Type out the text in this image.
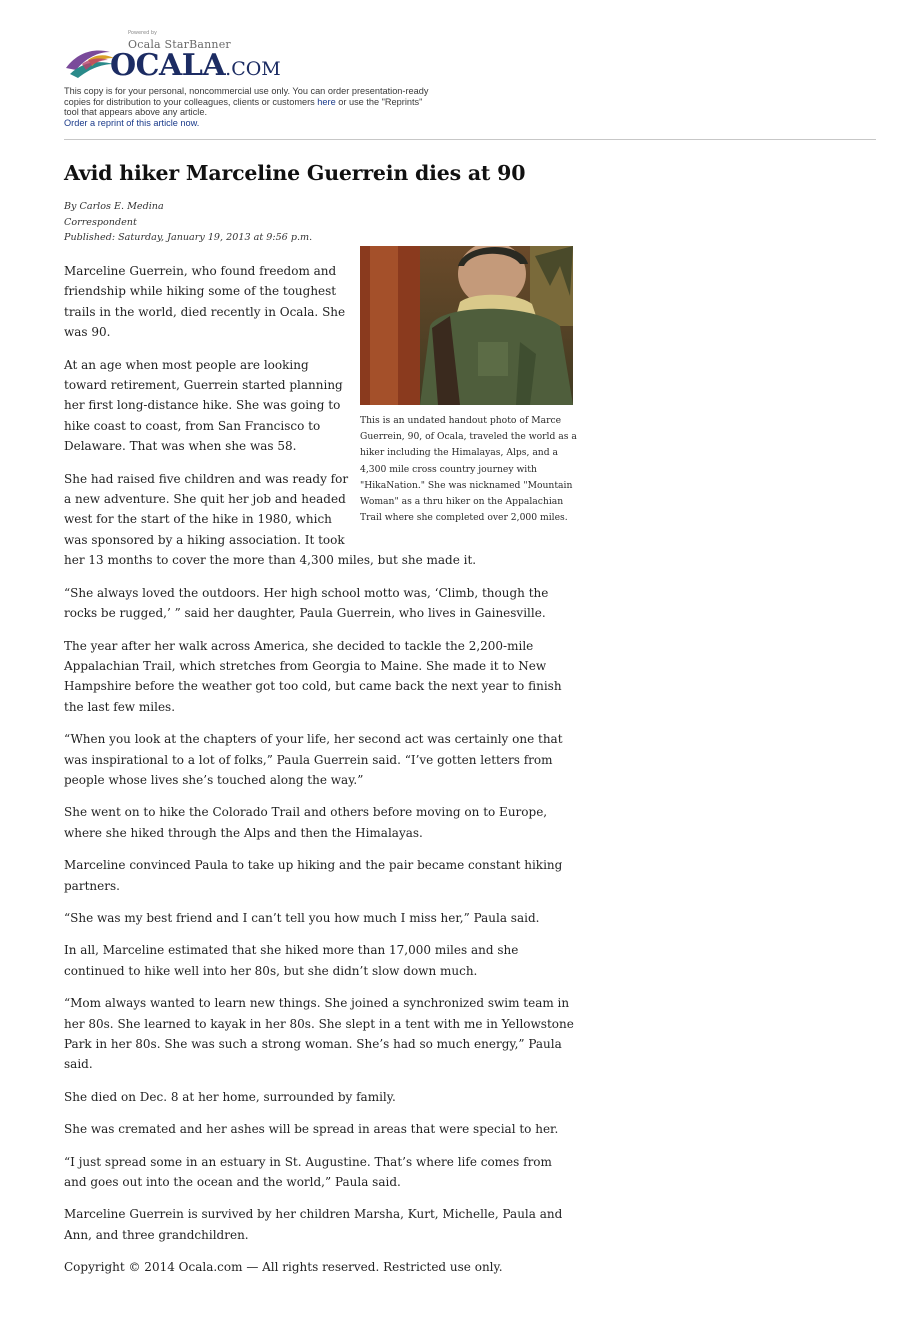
Powered by
Ocala StarBanner
OCALA.COM

This copy is for your personal, noncommercial use only. You can order presentation-ready copies for distribution to your colleagues, clients or customers here or use the "Reprints" tool that appears above any article.

Order a reprint of this article now.
Avid hiker Marceline Guerrein dies at 90
By Carlos E. Medina
Correspondent
Published: Saturday, January 19, 2013 at 9:56 p.m.

This is an undated handout photo of Marce Guerrein, 90, of Ocala, traveled the world as a hiker including the Himalayas, Alps, and a 4,300 mile cross country journey with "HikaNation." She was nicknamed "Mountain Woman" as a thru hiker on the Appalachian Trail where she completed over 2,000 miles.

Marceline Guerrein, who found freedom and friendship while hiking some of the toughest trails in the world, died recently in Ocala. She was 90.

At an age when most people are looking toward retirement, Guerrein started planning her first long-distance hike. She was going to hike coast to coast, from San Francisco to Delaware. That was when she was 58.

She had raised five children and was ready for a new adventure. She quit her job and headed west for the start of the hike in 1980, which was sponsored by a hiking association. It took her 13 months to cover the more than 4,300 miles, but she made it.

“She always loved the outdoors. Her high school motto was, ‘Climb, though the rocks be rugged,’ ” said her daughter, Paula Guerrein, who lives in Gainesville.

The year after her walk across America, she decided to tackle the 2,200-mile Appalachian Trail, which stretches from Georgia to Maine. She made it to New Hampshire before the weather got too cold, but came back the next year to finish the last few miles.

“When you look at the chapters of your life, her second act was certainly one that was inspirational to a lot of folks,” Paula Guerrein said. “I’ve gotten letters from people whose lives she’s touched along the way.”

She went on to hike the Colorado Trail and others before moving on to Europe, where she hiked through the Alps and then the Himalayas.

Marceline convinced Paula to take up hiking and the pair became constant hiking partners.

“She was my best friend and I can’t tell you how much I miss her,” Paula said.

In all, Marceline estimated that she hiked more than 17,000 miles and she continued to hike well into her 80s, but she didn’t slow down much.

“Mom always wanted to learn new things. She joined a synchronized swim team in her 80s. She learned to kayak in her 80s. She slept in a tent with me in Yellowstone Park in her 80s. She was such a strong woman. She’s had so much energy,” Paula said.

She died on Dec. 8 at her home, surrounded by family.

She was cremated and her ashes will be spread in areas that were special to her.

“I just spread some in an estuary in St. Augustine. That’s where life comes from and goes out into the ocean and the world,” Paula said.

Marceline Guerrein is survived by her children Marsha, Kurt, Michelle, Paula and Ann, and three grandchildren.

Copyright © 2014 Ocala.com — All rights reserved. Restricted use only.
